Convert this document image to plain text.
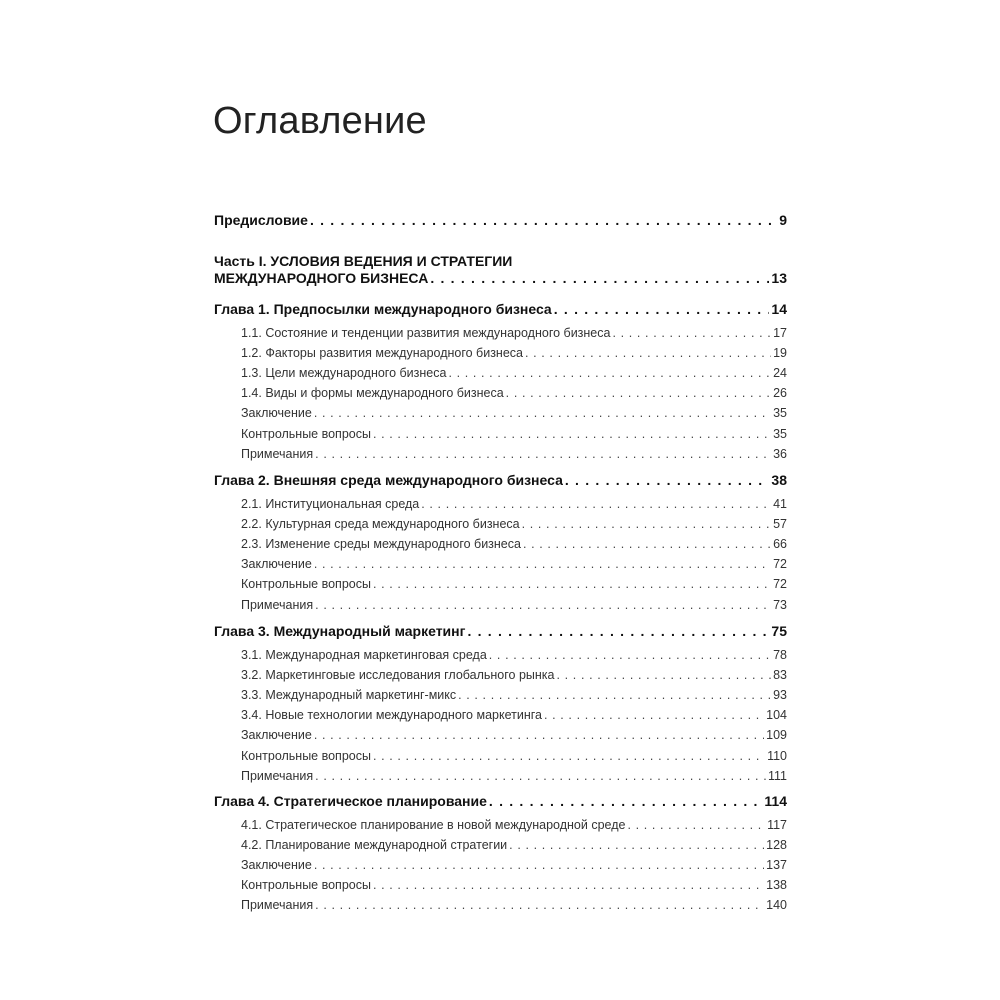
Оглавление
Предисловие . . .	9
Часть I. УСЛОВИЯ ВЕДЕНИЯ И СТРАТЕГИИ
МЕЖДУНАРОДНОГО БИЗНЕСА . . .	13
Глава 1. Предпосылки международного бизнеса . . .	14
1.1. Состояние и тенденции развития международного бизнеса . . .	17
1.2. Факторы развития международного бизнеса . . .	19
1.3. Цели международного бизнеса . . .	24
1.4. Виды и формы международного бизнеса . . .	26
Заключение . . .	35
Контрольные вопросы . . .	35
Примечания . . .	36
Глава 2. Внешняя среда международного бизнеса . . .	38
2.1. Институциональная среда . . .	41
2.2. Культурная среда международного бизнеса . . .	57
2.3. Изменение среды международного бизнеса . . .	66
Заключение . . .	72
Контрольные вопросы . . .	72
Примечания . . .	73
Глава 3. Международный маркетинг . . .	75
3.1. Международная маркетинговая среда . . .	78
3.2. Маркетинговые исследования глобального рынка . . .	83
3.3. Международный маркетинг-микс . . .	93
3.4. Новые технологии международного маркетинга . . .	104
Заключение . . .	109
Контрольные вопросы . . .	110
Примечания . . .	111
Глава 4. Стратегическое планирование . . .	114
4.1. Стратегическое планирование в новой международной среде . . .	117
4.2. Планирование международной стратегии . . .	128
Заключение . . .	137
Контрольные вопросы . . .	138
Примечания . . .	140
